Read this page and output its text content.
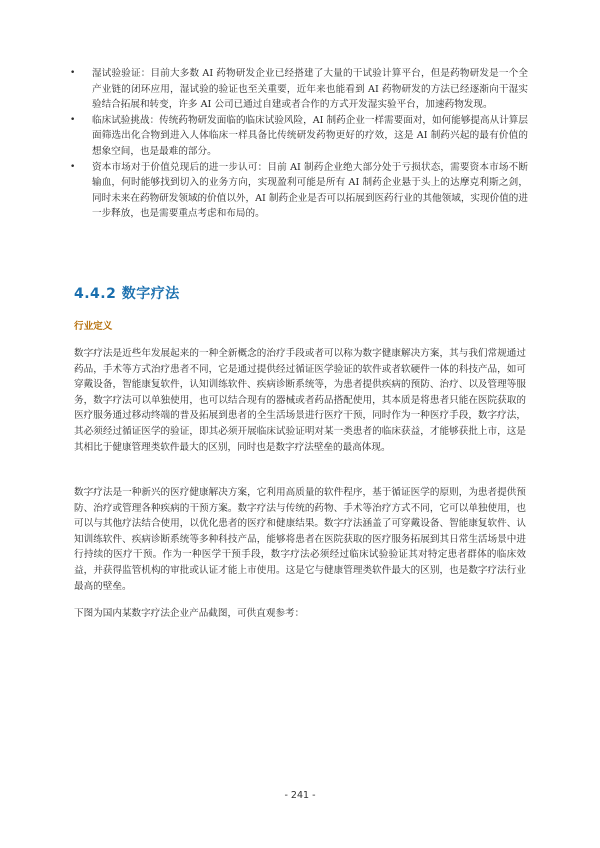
• 湿试验验证：目前大多数 AI 药物研发企业已经搭建了大量的干试验计算平台，但是药物研发是一个全产业链的闭环应用，湿试验的验证也至关重要，近年来也能看到 AI 药物研发的方法已经逐渐向干湿实验结合拓展和转变，许多 AI 公司已通过自建或者合作的方式开发湿实验平台，加速药物发现。
• 临床试验挑战：传统药物研发面临的临床试验风险，AI 制药企业一样需要面对，如何能够提高从计算层面筛选出化合物到进入人体临床一样具备比传统研发药物更好的疗效，这是 AI 制药兴起的最有价值的想象空间，也是最难的部分。
• 资本市场对于价值兑现后的进一步认可：目前 AI 制药企业绝大部分处于亏损状态，需要资本市场不断输血，何时能够找到切入的业务方向，实现盈利可能是所有 AI 制药企业悬于头上的达摩克利斯之剑，同时未来在药物研发领域的价值以外，AI 制药企业是否可以拓展到医药行业的其他领域，实现价值的进一步释放，也是需要重点考虑和布局的。
4.4.2 数字疗法
行业定义

数字疗法是近些年发展起来的一种全新概念的治疗手段或者可以称为数字健康解决方案，其与我们常规通过药品，手术等方式治疗患者不同，它是通过提供经过循证医学验证的软件或者软硬件一体的科技产品，如可穿戴设备，智能康复软件，认知训练软件、疾病诊断系统等，为患者提供疾病的预防、治疗、以及管理等服务，数字疗法可以单独使用，也可以结合现有的器械或者药品搭配使用，其本质是将患者只能在医院获取的医疗服务通过移动终端的普及拓展到患者的全生活场景进行医疗干预，同时作为一种医疗手段，数字疗法，其必须经过循证医学的验证，即其必须开展临床试验证明对某一类患者的临床获益，才能够获批上市，这是其相比于健康管理类软件最大的区别，同时也是数字疗法壁垒的最高体现。

数字疗法是一种新兴的医疗健康解决方案，它利用高质量的软件程序，基于循证医学的原则，为患者提供预防、治疗或管理各种疾病的干预方案。数字疗法与传统的药物、手术等治疗方式不同，它可以单独使用，也可以与其他疗法结合使用，以优化患者的医疗和健康结果。数字疗法涵盖了可穿戴设备、智能康复软件、认知训练软件、疾病诊断系统等多种科技产品，能够将患者在医院获取的医疗服务拓展到其日常生活场景中进行持续的医疗干预。作为一种医学干预手段，数字疗法必须经过临床试验验证其对特定患者群体的临床效益，并获得监管机构的审批或认证才能上市使用。这是它与健康管理类软件最大的区别，也是数字疗法行业最高的壁垒。

下图为国内某数字疗法企业产品截图，可供直观参考：

- 241 -
